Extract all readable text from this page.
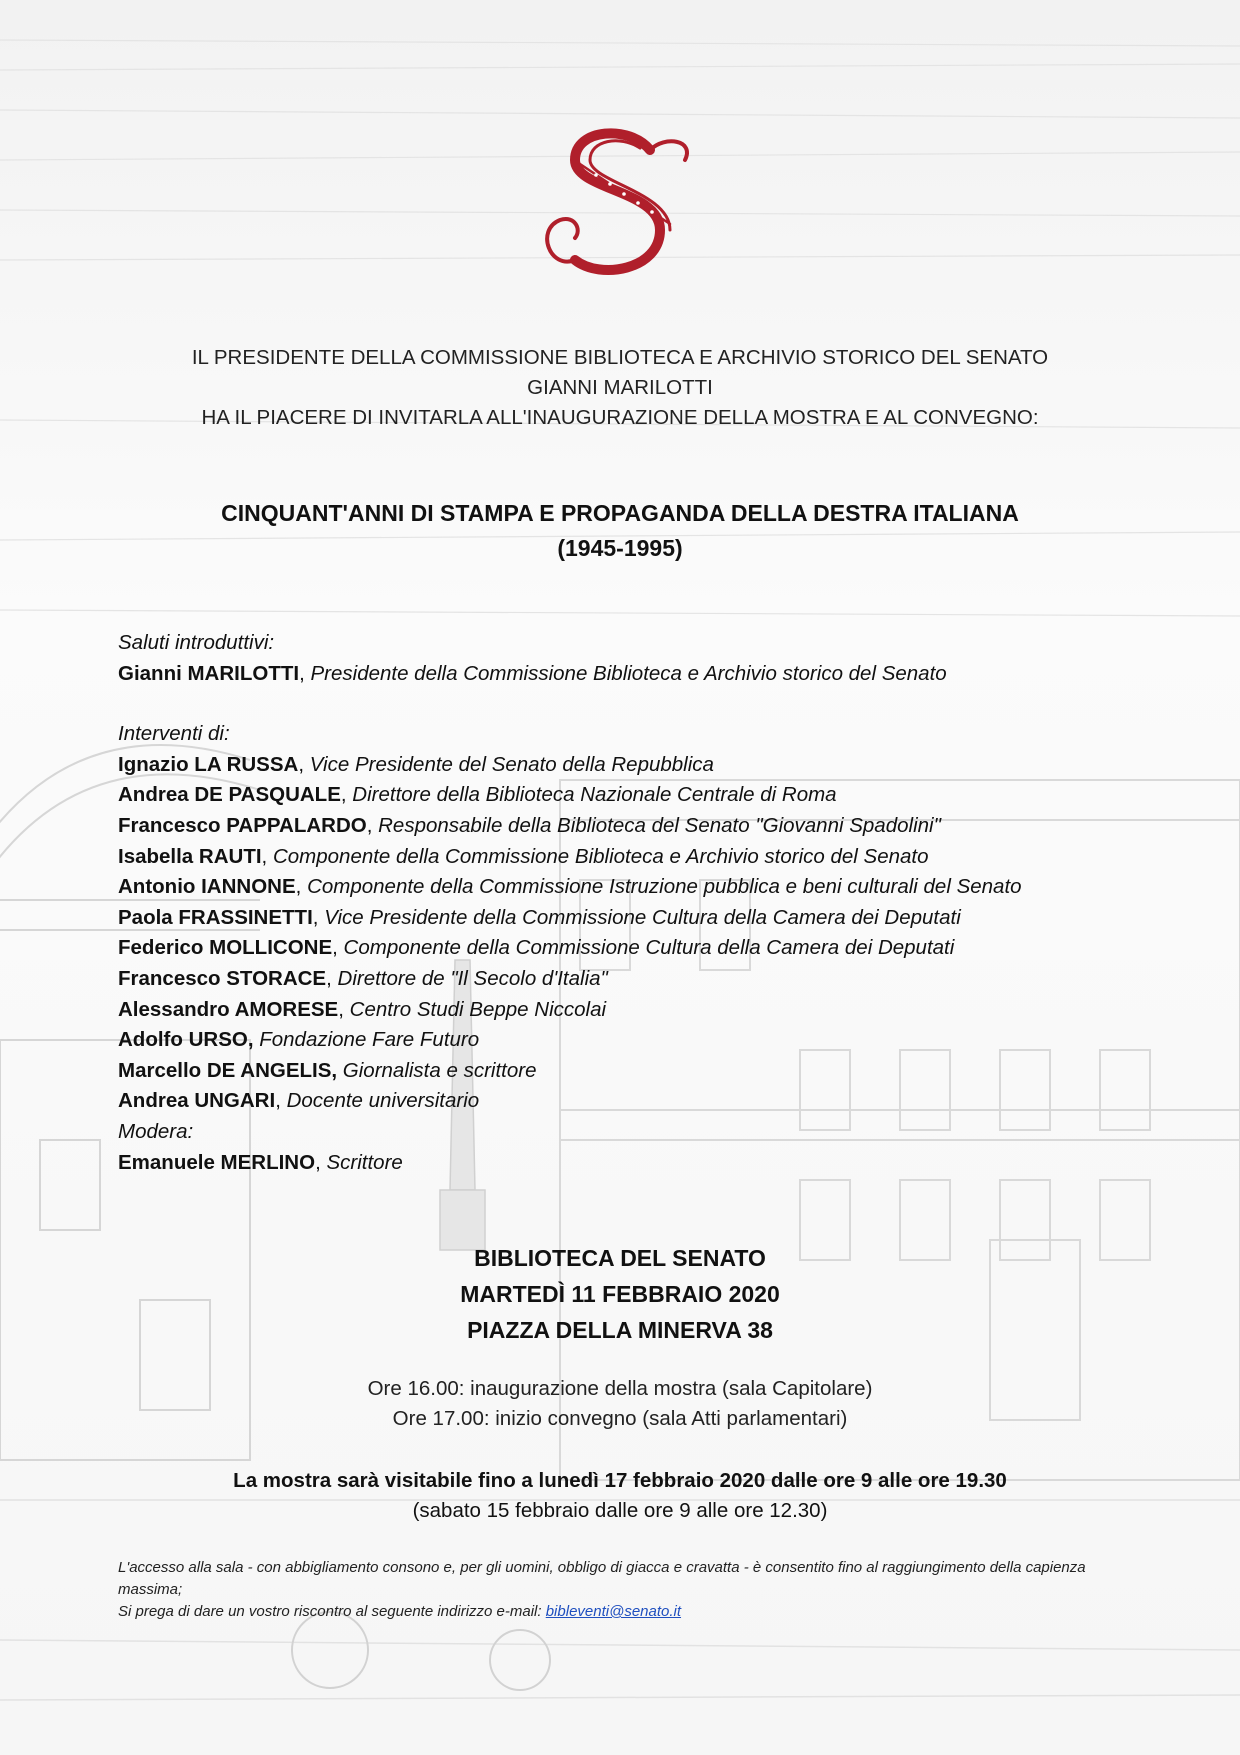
IL PRESIDENTE DELLA COMMISSIONE BIBLIOTECA E ARCHIVIO STORICO DEL SENATO
GIANNI MARILOTTI
HA IL PIACERE DI INVITARLA ALL'INAUGURAZIONE DELLA MOSTRA E AL CONVEGNO:
CINQUANT'ANNI DI STAMPA E PROPAGANDA DELLA DESTRA ITALIANA
(1945-1995)
Saluti introduttivi:
Gianni MARILOTTI, Presidente della Commissione Biblioteca e Archivio storico del Senato
Interventi di:
Ignazio LA RUSSA, Vice Presidente del Senato della Repubblica
Andrea DE PASQUALE, Direttore della Biblioteca Nazionale Centrale di Roma
Francesco PAPPALARDO, Responsabile della Biblioteca del Senato "Giovanni Spadolini"
Isabella RAUTI, Componente della Commissione Biblioteca e Archivio storico del Senato
Antonio IANNONE, Componente della Commissione Istruzione pubblica e beni culturali del Senato
Paola FRASSINETTI, Vice Presidente della Commissione Cultura della Camera dei Deputati
Federico MOLLICONE, Componente della Commissione Cultura della Camera dei Deputati
Francesco STORACE, Direttore de "Il Secolo d'Italia"
Alessandro AMORESE, Centro Studi Beppe Niccolai
Adolfo URSO, Fondazione Fare Futuro
Marcello DE ANGELIS, Giornalista e scrittore
Andrea UNGARI, Docente universitario
Modera:
Emanuele MERLINO, Scrittore
BIBLIOTECA DEL SENATO
MARTEDÌ 11 FEBBRAIO 2020
PIAZZA DELLA MINERVA 38
Ore 16.00: inaugurazione della mostra (sala Capitolare)
Ore 17.00: inizio convegno (sala Atti parlamentari)
La mostra sarà visitabile fino a lunedì 17 febbraio 2020 dalle ore 9 alle ore 19.30
(sabato 15 febbraio dalle ore 9 alle ore 12.30)
L'accesso alla sala - con abbigliamento consono e, per gli uomini, obbligo di giacca e cravatta - è consentito fino al raggiungimento della capienza massima;
Si prega di dare un vostro riscontro al seguente indirizzo e-mail: bibleventi@senato.it
